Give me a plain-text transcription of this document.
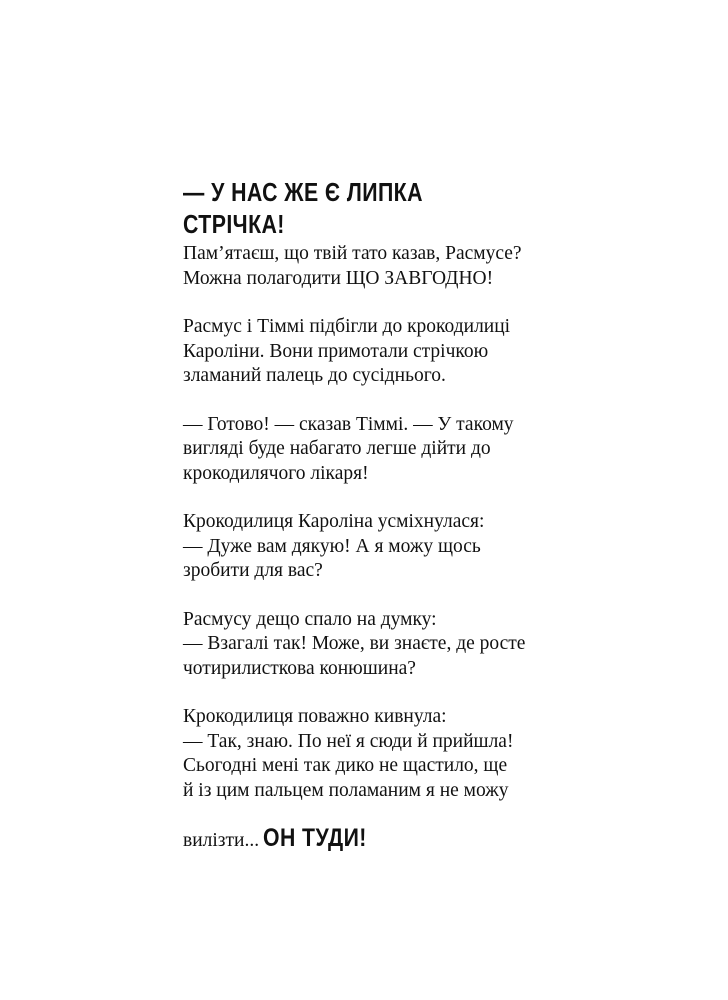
— У НАС ЖЕ Є ЛИПКА

СТРІЧКА!

Пам’ятаєш, що твій тато казав, Расмусе?

Можна полагодити ЩО ЗАВГОДНО!

Расмус і Тіммі підбігли до крокодилиці

Кароліни. Вони примотали стрічкою

зламаний палець до сусіднього.

— Готово! — сказав Тіммі. — У такому

вигляді буде набагато легше дійти до

крокодилячого лікаря!

Крокодилиця Кароліна усміхнулася:

— Дуже вам дякую! А я можу щось

зробити для вас?

Расмусу дещо спало на думку:

— Взагалі так! Може, ви знаєте, де росте

чотирилисткова конюшина?

Крокодилиця поважно кивнула:

— Так, знаю. По неї я сюди й прийшла!

Сьогодні мені так дико не щастило, ще

й із цим пальцем поламаним я не можу

вилізти... ОН ТУДИ!
